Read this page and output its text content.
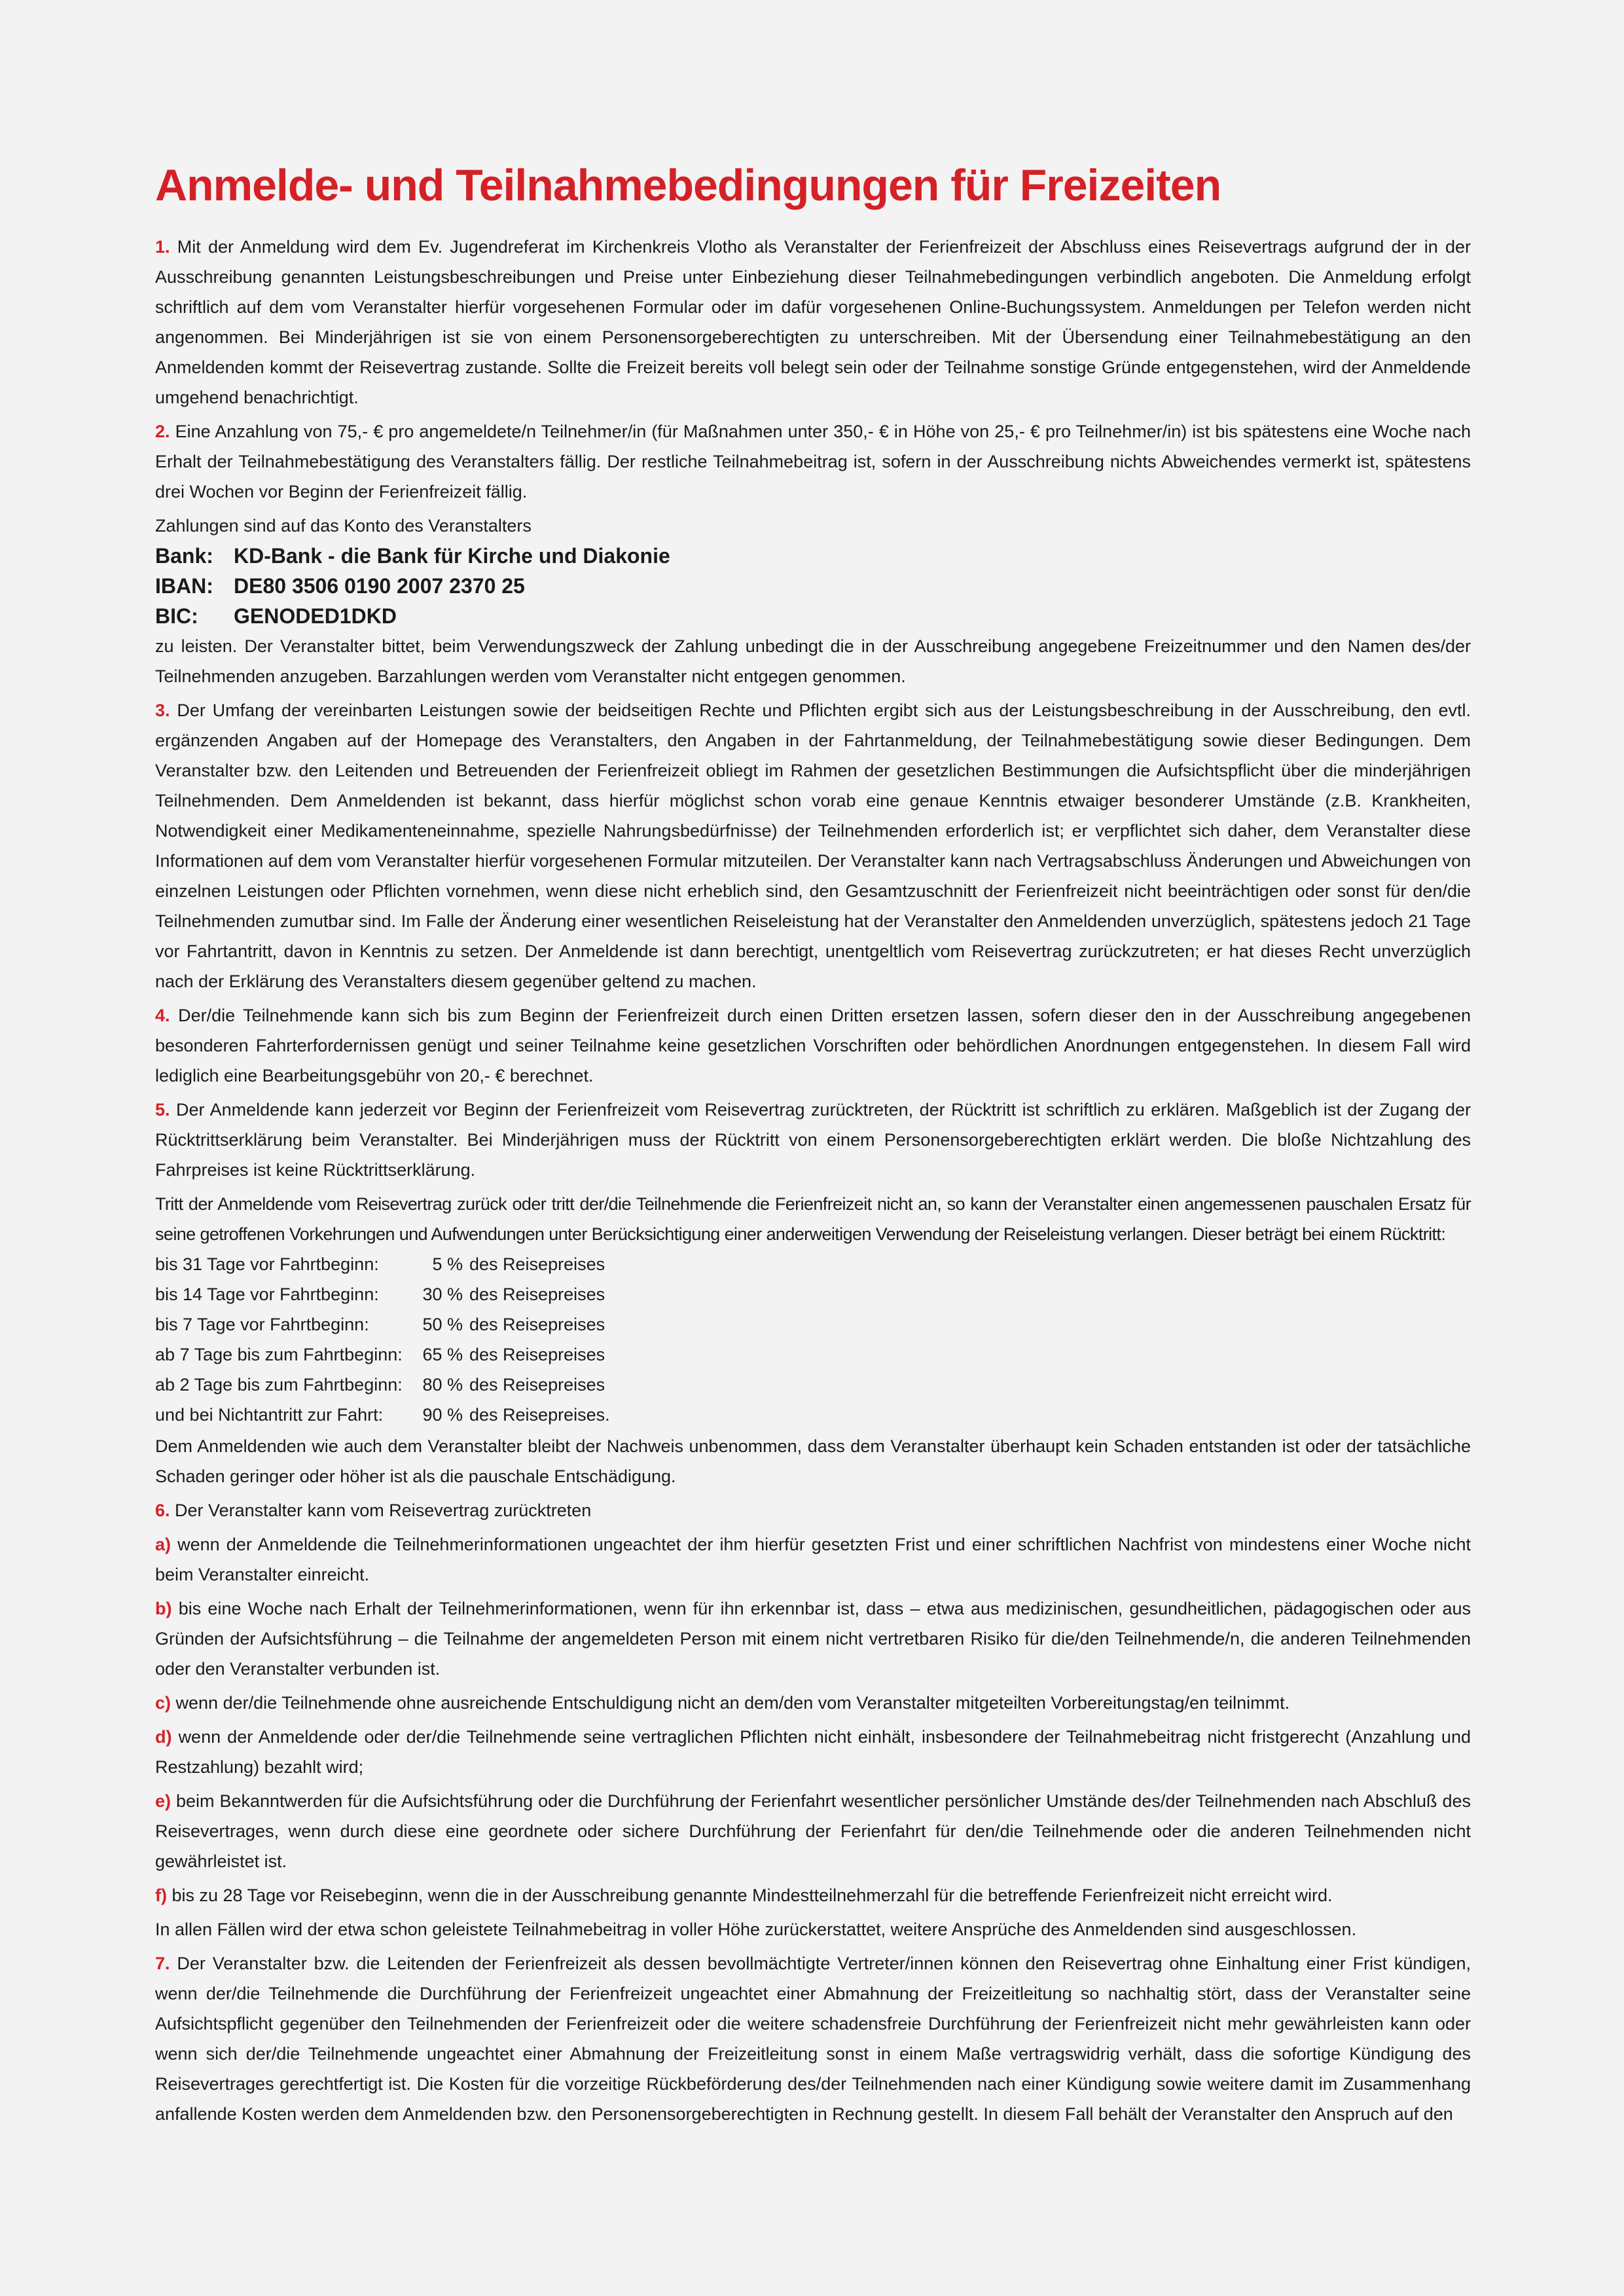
Anmelde- und Teilnahmebedingungen für Freizeiten

1. Mit der Anmeldung wird dem Ev. Jugendreferat im Kirchenkreis Vlotho als Veranstalter der Ferienfreizeit der Abschluss eines Reisevertrags aufgrund der in der Ausschreibung genannten Leistungsbeschreibungen und Preise unter Einbeziehung dieser Teilnahmebedingungen verbindlich angeboten. Die Anmeldung erfolgt schriftlich auf dem vom Veranstalter hierfür vorgesehenen Formular oder im dafür vorgesehenen Online-Buchungssystem. Anmeldungen per Telefon werden nicht angenommen. Bei Minderjährigen ist sie von einem Personensorgeberechtigten zu unterschreiben. Mit der Übersendung einer Teilnahmebestätigung an den Anmeldenden kommt der Reisevertrag zustande. Sollte die Freizeit bereits voll belegt sein oder der Teilnahme sonstige Gründe entgegenstehen, wird der Anmeldende umgehend benachrichtigt.

2. Eine Anzahlung von 75,- € pro angemeldete/n Teilnehmer/in (für Maßnahmen unter 350,- € in Höhe von 25,- € pro Teilnehmer/in) ist bis spätestens eine Woche nach Erhalt der Teilnahmebestätigung des Veranstalters fällig. Der restliche Teilnahmebeitrag ist, sofern in der Ausschreibung nichts Abweichendes vermerkt ist, spätestens drei Wochen vor Beginn der Ferienfreizeit fällig.

Zahlungen sind auf das Konto des Veranstalters

Bank: KD-Bank - die Bank für Kirche und Diakonie
IBAN: DE80 3506 0190 2007 2370 25
BIC:	GENODED1DKD

zu leisten. Der Veranstalter bittet, beim Verwendungszweck der Zahlung unbedingt die in der Ausschreibung angegebene Freizeitnummer und den Namen des/der Teilnehmenden anzugeben. Barzahlungen werden vom Veranstalter nicht entgegen genommen.

3. Der Umfang der vereinbarten Leistungen sowie der beidseitigen Rechte und Pflichten ergibt sich aus der Leistungsbeschreibung in der Ausschreibung, den evtl. ergänzenden Angaben auf der Homepage des Veranstalters, den Angaben in der Fahrtanmeldung, der Teilnahmebestätigung sowie dieser Bedingungen. Dem Veranstalter bzw. den Leitenden und Betreuenden der Ferienfreizeit obliegt im Rahmen der gesetzlichen Bestimmungen die Aufsichtspflicht über die minderjährigen Teilnehmenden. Dem Anmeldenden ist bekannt, dass hierfür möglichst schon vorab eine genaue Kenntnis etwaiger besonderer Umstände (z.B. Krankheiten, Notwendigkeit einer Medikamenteneinnahme, spezielle Nahrungsbedürfnisse) der Teilnehmenden erforderlich ist; er verpflichtet sich daher, dem Veranstalter diese Informationen auf dem vom Veranstalter hierfür vorgesehenen Formular mitzuteilen. Der Veranstalter kann nach Vertragsabschluss Änderungen und Abweichungen von einzelnen Leistungen oder Pflichten vornehmen, wenn diese nicht erheblich sind, den Gesamtzuschnitt der Ferienfreizeit nicht beeinträchtigen oder sonst für den/die Teilnehmenden zumutbar sind. Im Falle der Änderung einer wesentlichen Reiseleistung hat der Veranstalter den Anmeldenden unverzüglich, spätestens jedoch 21 Tage vor Fahrtantritt, davon in Kenntnis zu setzen. Der Anmeldende ist dann berechtigt, unentgeltlich vom Reisevertrag zurückzutreten; er hat dieses Recht unverzüglich nach der Erklärung des Veranstalters diesem gegenüber geltend zu machen.

4. Der/die Teilnehmende kann sich bis zum Beginn der Ferienfreizeit durch einen Dritten ersetzen lassen, sofern dieser den in der Ausschreibung angegebenen besonderen Fahrterfordernissen genügt und seiner Teilnahme keine gesetzlichen Vorschriften oder behördlichen Anordnungen entgegenstehen. In diesem Fall wird lediglich eine Bearbeitungsgebühr von 20,- € berechnet.

5. Der Anmeldende kann jederzeit vor Beginn der Ferienfreizeit vom Reisevertrag zurücktreten, der Rücktritt ist schriftlich zu erklären. Maßgeblich ist der Zugang der Rücktrittserklärung beim Veranstalter. Bei Minderjährigen muss der Rücktritt von einem Personensorgeberechtigten erklärt werden. Die bloße Nichtzahlung des Fahrpreises ist keine Rücktrittserklärung.

Tritt der Anmeldende vom Reisevertrag zurück oder tritt der/die Teilnehmende die Ferienfreizeit nicht an, so kann der Veranstalter einen angemessenen pauschalen Ersatz für seine getroffenen Vorkehrungen und Aufwendungen unter Berücksichtigung einer anderweitigen Verwendung der Reiseleistung verlangen. Dieser beträgt bei einem Rücktritt:

bis 31 Tage vor Fahrtbeginn:	5 % des Reisepreises
bis 14 Tage vor Fahrtbeginn:	30 % des Reisepreises
bis 7 Tage vor Fahrtbeginn:	50 % des Reisepreises
ab 7 Tage bis zum Fahrtbeginn:	65 % des Reisepreises
ab 2 Tage bis zum Fahrtbeginn:	80 % des Reisepreises
und bei Nichtantritt zur Fahrt:	90 % des Reisepreises.

Dem Anmeldenden wie auch dem Veranstalter bleibt der Nachweis unbenommen, dass dem Veranstalter überhaupt kein Schaden entstanden ist oder der tatsächliche Schaden geringer oder höher ist als die pauschale Entschädigung.

6. Der Veranstalter kann vom Reisevertrag zurücktreten

a) wenn der Anmeldende die Teilnehmerinformationen ungeachtet der ihm hierfür gesetzten Frist und einer schriftlichen Nachfrist von mindestens einer Woche nicht beim Veranstalter einreicht.

b) bis eine Woche nach Erhalt der Teilnehmerinformationen, wenn für ihn erkennbar ist, dass – etwa aus medizinischen, gesundheitlichen, pädagogischen oder aus Gründen der Aufsichtsführung – die Teilnahme der angemeldeten Person mit einem nicht vertretbaren Risiko für die/den Teilnehmende/n, die anderen Teilnehmenden oder den Veranstalter verbunden ist.

c) wenn der/die Teilnehmende ohne ausreichende Entschuldigung nicht an dem/den vom Veranstalter mitgeteilten Vorbereitungstag/en teilnimmt.

d) wenn der Anmeldende oder der/die Teilnehmende seine vertraglichen Pflichten nicht einhält, insbesondere der Teilnahmebeitrag nicht fristgerecht (Anzahlung und Restzahlung) bezahlt wird;

e) beim Bekanntwerden für die Aufsichtsführung oder die Durchführung der Ferienfahrt wesentlicher persönlicher Umstände des/der Teilnehmenden nach Abschluß des Reisevertrages, wenn durch diese eine geordnete oder sichere Durchführung der Ferienfahrt für den/die Teilnehmende oder die anderen Teilnehmenden nicht gewährleistet ist.

f) bis zu 28 Tage vor Reisebeginn, wenn die in der Ausschreibung genannte Mindestteilnehmerzahl für die betreffende Ferienfreizeit nicht erreicht wird.

In allen Fällen wird der etwa schon geleistete Teilnahmebeitrag in voller Höhe zurückerstattet, weitere Ansprüche des Anmeldenden sind ausgeschlossen.

7. Der Veranstalter bzw. die Leitenden der Ferienfreizeit als dessen bevollmächtigte Vertreter/innen können den Reisevertrag ohne Einhaltung einer Frist kündigen, wenn der/die Teilnehmende die Durchführung der Ferienfreizeit ungeachtet einer Abmahnung der Freizeitleitung so nachhaltig stört, dass der Veranstalter seine Aufsichtspflicht gegenüber den Teilnehmenden der Ferienfreizeit oder die weitere schadensfreie Durchführung der Ferienfreizeit nicht mehr gewährleisten kann oder wenn sich der/die Teilnehmende ungeachtet einer Abmahnung der Freizeitleitung sonst in einem Maße vertragswidrig verhält, dass die sofortige Kündigung des Reisevertrages gerechtfertigt ist. Die Kosten für die vorzeitige Rückbeförderung des/der Teilnehmenden nach einer Kündigung sowie weitere damit im Zusammenhang anfallende Kosten werden dem Anmeldenden bzw. den Personensorgeberechtigten in Rechnung gestellt. In diesem Fall behält der Veranstalter den Anspruch auf den
